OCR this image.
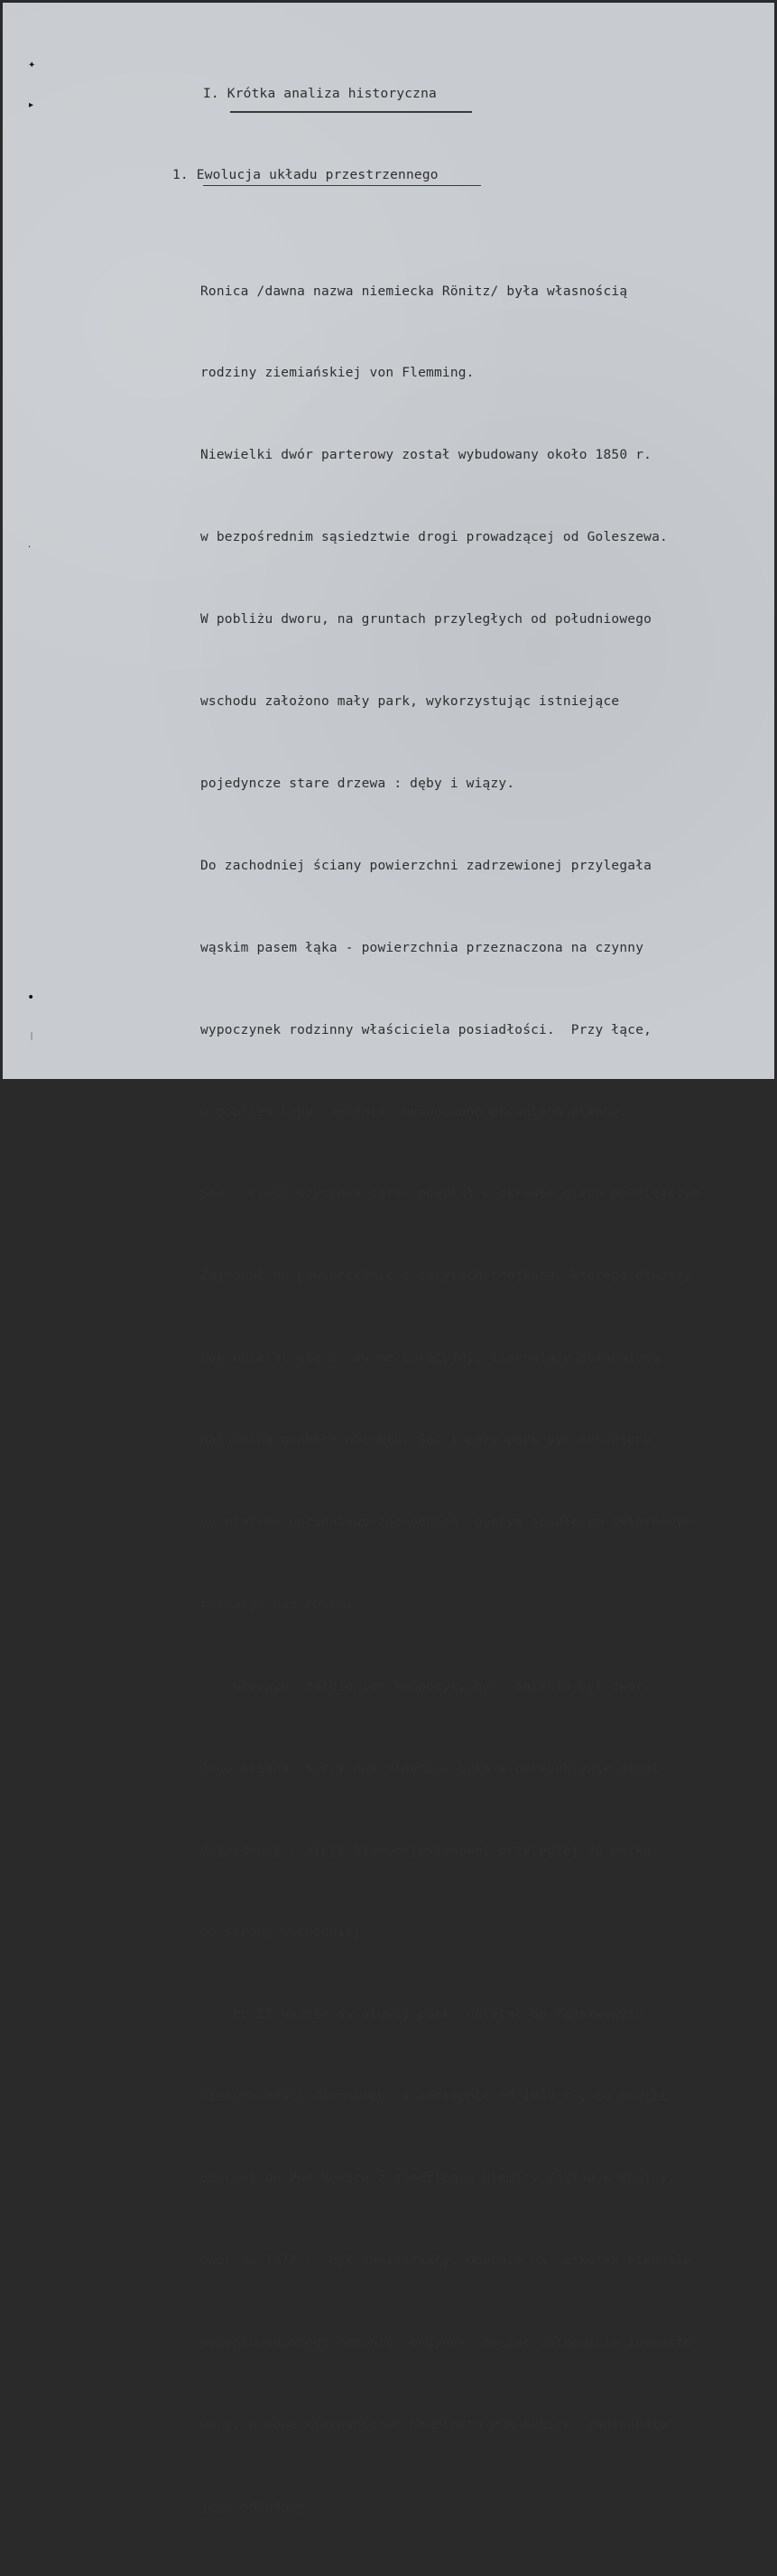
✦
▸
·
•
ᛁ
I. Krótka analiza historyczna
1. Ewolucja układu przestrzennego

Ronica /dawna nazwa niemiecka Rönitz/ była własnością

rodziny ziemiańskiej von Flemming.

Niewielki dwór parterowy został wybudowany około 1850 r.

w bezpośrednim sąsiedztwie drogi prowadzącej od Goleszewa.

W pobliżu dworu, na gruntach przyległych od południowego

wschodu założono mały park, wykorzystując istniejące

pojedyncze stare drzewa : dęby i wiązy.

Do zachodniej ściany powierzchni zadrzewionej przylegała

wąskim pasem łąka - powierzchnia przeznaczona na czynny

wypoczynek rodzinny właściciela posiadłości.  Przy łące,

w pobliżu kępy  derenia  wybudowano drewnianą altanę.

Sad - część użytkowa parku powstał w okresie nieco późniejszym

Zajmował on powierzchnię o zarysach trójkąta, którego dłuższy

bok opierał się o rów melioracyjny, stanowiący południową

naturalną granicę obiektu. Sad i cały park był chroniony

od wiatrów południowo-zachodnich  gęstym szpalerem świerkowym

rosnącym nad rowem.

Głównym  założeniem kompozycyjnym  obiektu był dwór.

Jego ściana  Szczytowa widoczna była w perspektywie drogi

dojazdowej - aleji lipowo-jesionowej przyległej do parku

od strony wschodniej.

Po II wojnie światowej park  należał do Państwowych

Nieruchomości Ziemskich, a następnie od 1949 r., do chwili

obecnej do PGR Benice z siedzibą w Niemicy Zakład w Ronicy.

Dwór do 1972 r. był zamieszkały. Obecnie na  wskutek niedbale

przeprowadzonego remontu  budynek  został całkowicie zdewasto

wany, a nowe kierownictwo Kombinatu PGR Benice  zaniechało

jego odbudowy.
